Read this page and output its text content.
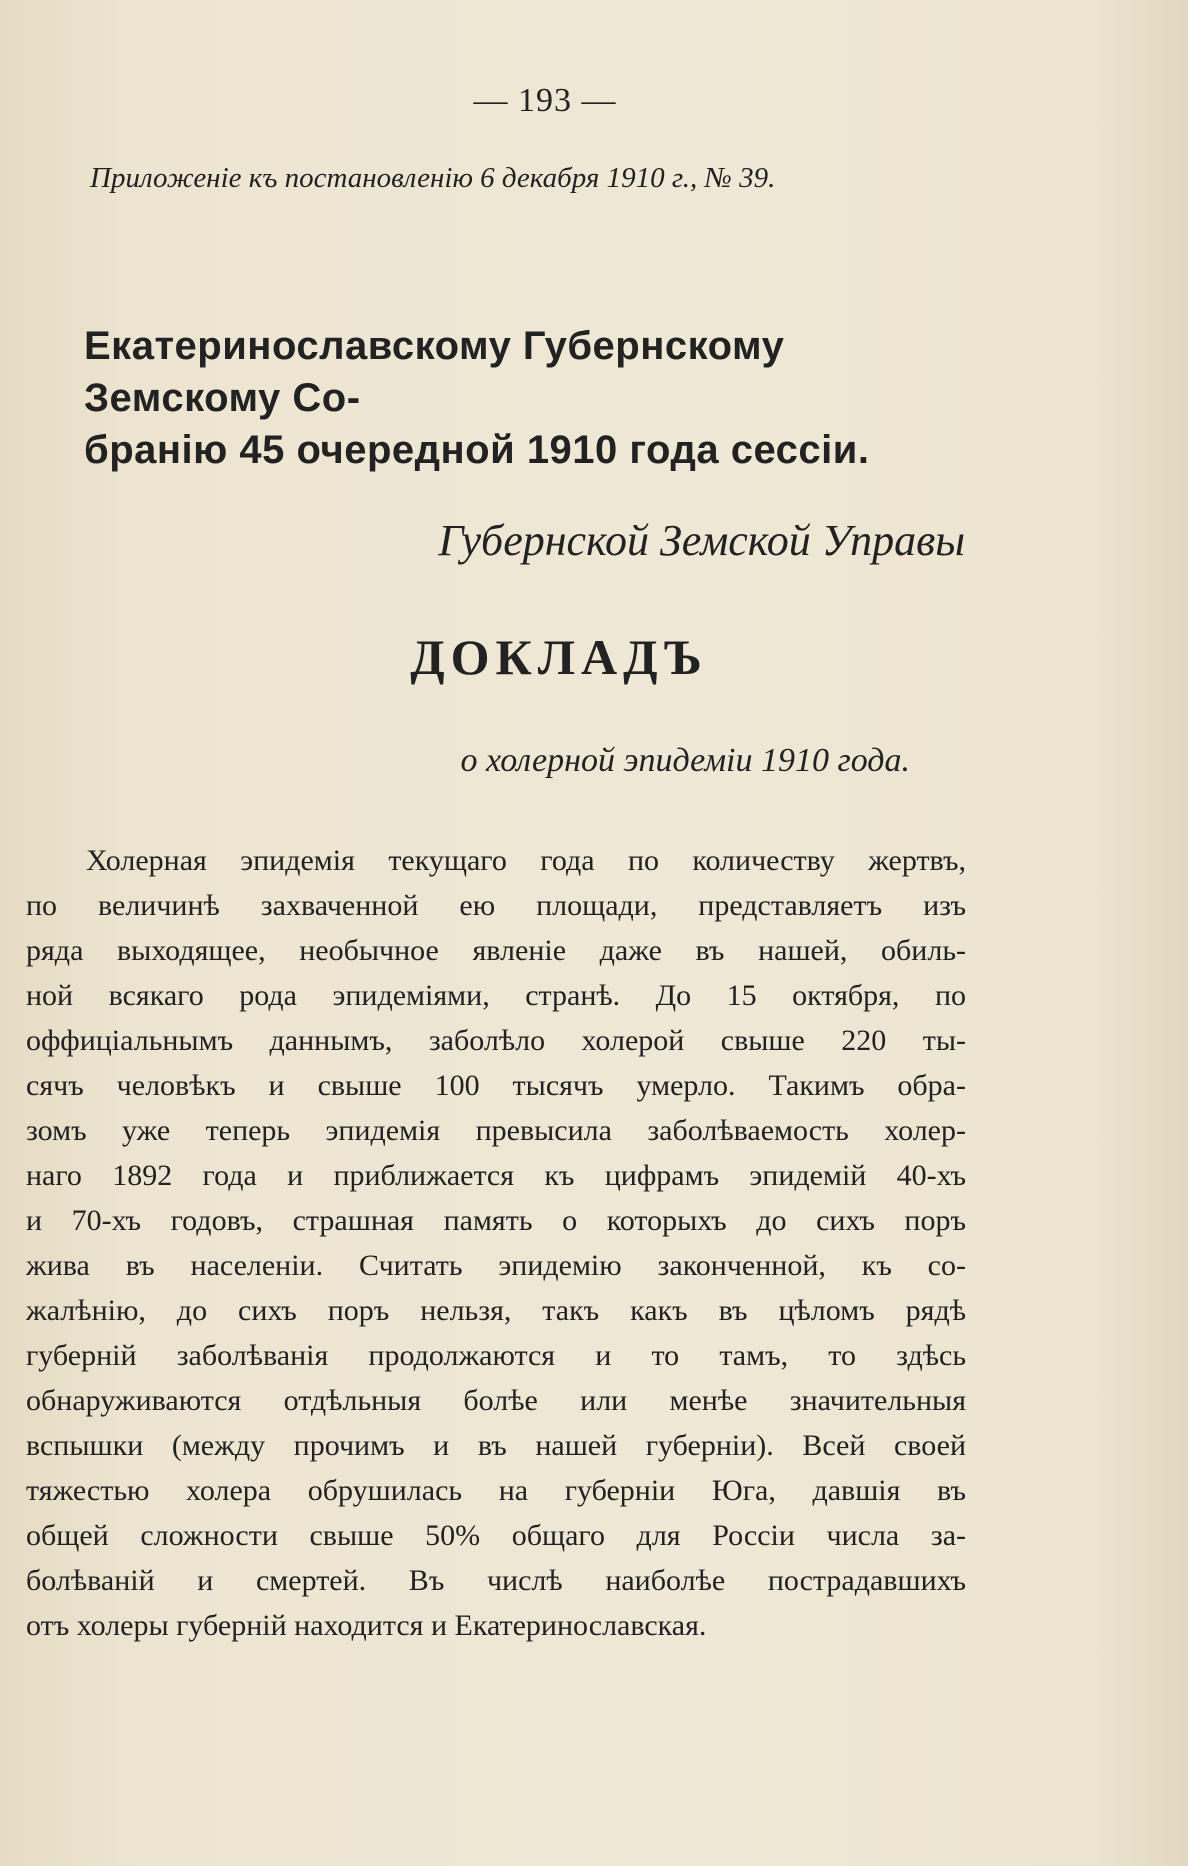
— 193 —
Приложенiе къ постановленiю 6 декабря 1910 г., № 39.
Екатеринославскому Губернскому Земскому Со-
бранiю 45 очередной 1910 года сессiи.
Губернской Земской Управы
ДОКЛАДЪ
о холерной эпидемiи 1910 года.
Холерная эпидемiя текущаго года по количеству жертвъ,
по величинѣ захваченной ею площади, представляетъ изъ
ряда выходящее, необычное явленiе даже въ нашей, обиль-
ной всякаго рода эпидемiями, странѣ. До 15 октября, по
оффицiальнымъ даннымъ, заболѣло холерой свыше 220 ты-
сячъ человѣкъ и свыше 100 тысячъ умерло. Такимъ обра-
зомъ уже теперь эпидемiя превысила заболѣваемость холер-
наго 1892 года и приближается къ цифрамъ эпидемiй 40-хъ
и 70-хъ годовъ, страшная память о которыхъ до сихъ поръ
жива въ населенiи. Считать эпидемiю законченной, къ со-
жалѣнiю, до сихъ поръ нельзя, такъ какъ въ цѣломъ рядѣ
губернiй заболѣванiя продолжаются и то тамъ, то здѣсь
обнаруживаются отдѣльныя болѣе или менѣе значительныя
вспышки (между прочимъ и въ нашей губернiи). Всей своей
тяжестью холера обрушилась на губернiи Юга, давшiя въ
общей сложности свыше 50% общаго для Россiи числа за-
болѣванiй и смертей. Въ числѣ наиболѣе пострадавшихъ
отъ холеры губернiй находится и Екатеринославская.
